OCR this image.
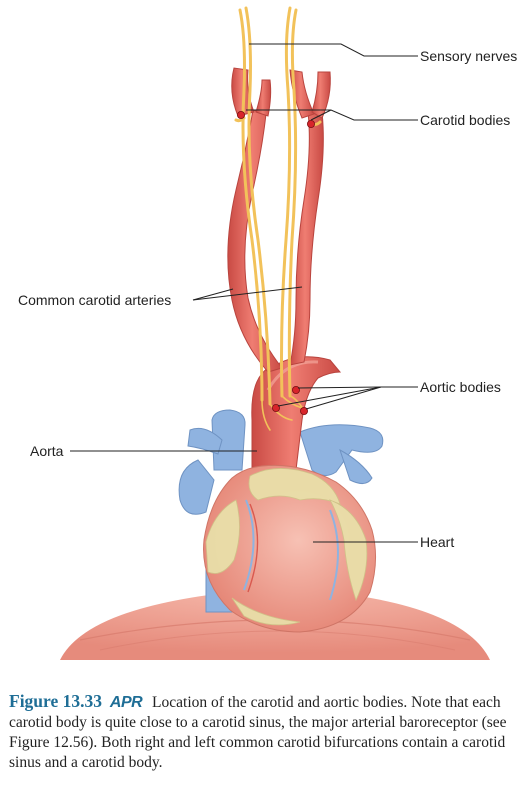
Sensory nerves
Carotid bodies
Common carotid arteries
Aortic bodies
Aorta
Heart
Figure 13.33 APR Location of the carotid and aortic bodies. Note that each carotid body is quite close to a carotid sinus, the major arterial baroreceptor (see Figure 12.56). Both right and left common carotid bifurcations contain a carotid sinus and a carotid body.
